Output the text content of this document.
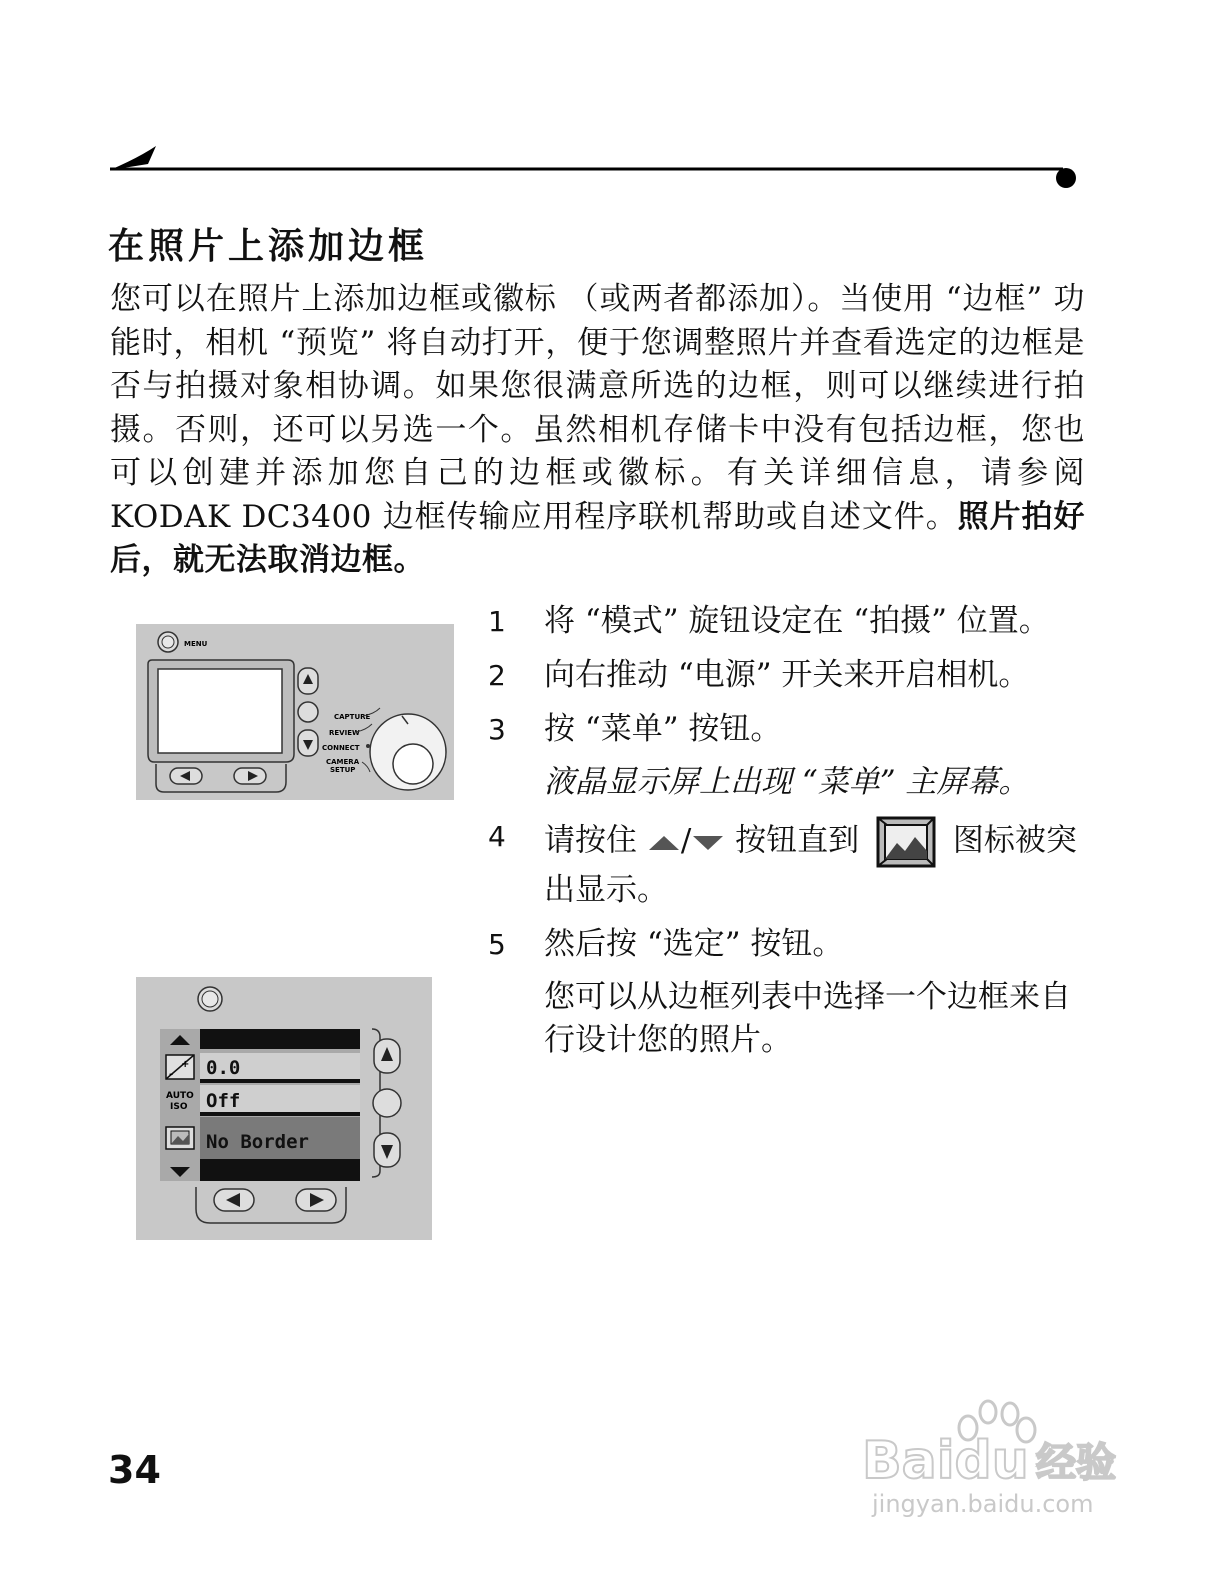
在照片上添加边框
您可以在照片上添加边框或徽标 （或两者都添加）。当使用 “边框” 功能时，相机 “预览” 将自动打开，便于您调整照片并查看选定的边框是否与拍摄对象相协调。如果您很满意所选的边框，则可以继续进行拍摄。否则，还可以另选一个。虽然相机存储卡中没有包括边框，您也可以创建并添加您自己的边框或徽标。有关详细信息，请参阅 KODAK DC3400 边框传输应用程序联机帮助或自述文件。照片拍好后，就无法取消边框。
MENU
CAPTURE
REVIEW
CONNECT
CAMERA
SETUP
+
-
AUTO
ISO
0.0
Off
No Border
1 将 “模式” 旋钮设定在 “拍摄” 位置。
2 向右推动 “电源” 开关来开启相机。
3 按 “菜单” 按钮。
液晶显示屏上出现 “菜单” 主屏幕。
4 请按住 / 按钮直到	图标被突出显示。
5 然后按 “选定” 按钮。
您可以从边框列表中选择一个边框来自行设计您的照片。
34	Baidu 经验
jingyan.baidu.com
